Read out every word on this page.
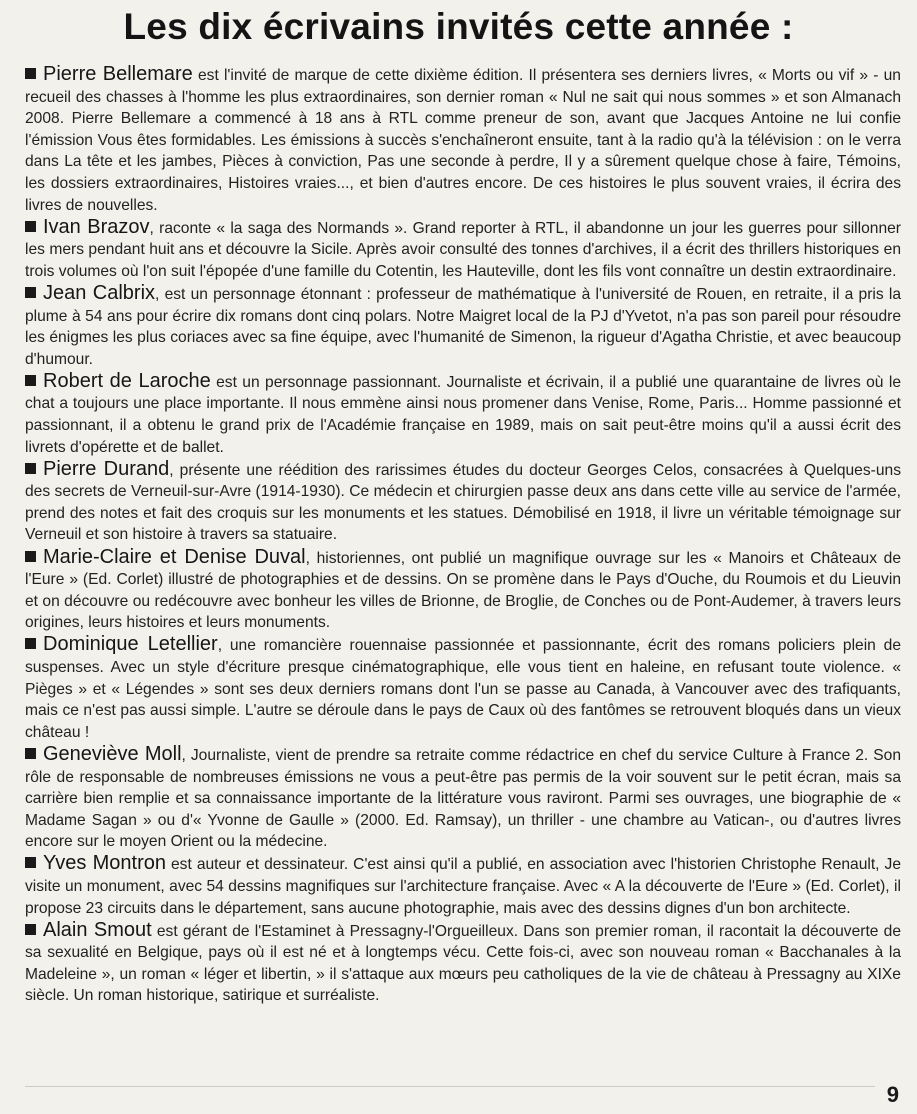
Les dix écrivains invités cette année :

Pierre Bellemare est l'invité de marque de cette dixième édition. Il présentera ses derniers livres, « Morts ou vif » - un recueil des chasses à l'homme les plus extraordinaires, son dernier roman « Nul ne sait qui nous sommes » et son Almanach 2008. Pierre Bellemare a commencé à 18 ans à RTL comme preneur de son, avant que Jacques Antoine ne lui confie l'émission Vous êtes formidables. Les émissions à succès s'enchaîneront ensuite, tant à la radio qu'à la télévision : on le verra dans La tête et les jambes, Pièces à conviction, Pas une seconde à perdre, Il y a sûrement quelque chose à faire, Témoins, les dossiers extraordinaires, Histoires vraies..., et bien d'autres encore. De ces histoires le plus souvent vraies, il écrira des livres de nouvelles.

Ivan Brazov, raconte « la saga des Normands ». Grand reporter à RTL, il abandonne un jour les guerres pour sillonner les mers pendant huit ans et découvre la Sicile. Après avoir consulté des tonnes d'archives, il a écrit des thrillers historiques en trois volumes où l'on suit l'épopée d'une famille du Cotentin, les Hauteville, dont les fils vont connaître un destin extraordinaire.

Jean Calbrix, est un personnage étonnant : professeur de mathématique à l'université de Rouen, en retraite, il a pris la plume à 54 ans pour écrire dix romans dont cinq polars. Notre Maigret local de la PJ d'Yvetot, n'a pas son pareil pour résoudre les énigmes les plus coriaces avec sa fine équipe, avec l'humanité de Simenon, la rigueur d'Agatha Christie, et avec beaucoup d'humour.

Robert de Laroche est un personnage passionnant. Journaliste et écrivain, il a publié une quarantaine de livres où le chat a toujours une place importante. Il nous emmène ainsi nous promener dans Venise, Rome, Paris... Homme passionné et passionnant, il a obtenu le grand prix de l'Académie française en 1989, mais on sait peut-être moins qu'il a aussi écrit des livrets d'opérette et de ballet.

Pierre Durand, présente une réédition des rarissimes études du docteur Georges Celos, consacrées à Quelques-uns des secrets de Verneuil-sur-Avre (1914-1930). Ce médecin et chirurgien passe deux ans dans cette ville au service de l'armée, prend des notes et fait des croquis sur les monuments et les statues. Démobilisé en 1918, il livre un véritable témoignage sur Verneuil et son histoire à travers sa statuaire.

Marie-Claire et Denise Duval, historiennes, ont publié un magnifique ouvrage sur les « Manoirs et Châteaux de l'Eure » (Ed. Corlet) illustré de photographies et de dessins. On se promène dans le Pays d'Ouche, du Roumois et du Lieuvin et on découvre ou redécouvre avec bonheur les villes de Brionne, de Broglie, de Conches ou de Pont-Audemer, à travers leurs origines, leurs histoires et leurs monuments.

Dominique Letellier, une romancière rouennaise passionnée et passionnante, écrit des romans policiers plein de suspenses. Avec un style d'écriture presque cinématographique, elle vous tient en haleine, en refusant toute violence. « Pièges » et « Légendes » sont ses deux derniers romans dont l'un se passe au Canada, à Vancouver avec des trafiquants, mais ce n'est pas aussi simple. L'autre se déroule dans le pays de Caux où des fantômes se retrouvent bloqués dans un vieux château !

Geneviève Moll, Journaliste, vient de prendre sa retraite comme rédactrice en chef du service Culture à France 2. Son rôle de responsable de nombreuses émissions ne vous a peut-être pas permis de la voir souvent sur le petit écran, mais sa carrière bien remplie et sa connaissance importante de la littérature vous raviront. Parmi ses ouvrages, une biographie de « Madame Sagan » ou d'« Yvonne de Gaulle » (2000. Ed. Ramsay), un thriller - une chambre au Vatican-, ou d'autres livres encore sur le moyen Orient ou la médecine.

Yves Montron est auteur et dessinateur. C'est ainsi qu'il a publié, en association avec l'historien Christophe Renault, Je visite un monument, avec 54 dessins magnifiques sur l'architecture française. Avec « A la découverte de l'Eure » (Ed. Corlet), il propose 23 circuits dans le département, sans aucune photographie, mais avec des dessins dignes d'un bon architecte.

Alain Smout est gérant de l'Estaminet à Pressagny-l'Orgueilleux. Dans son premier roman, il racontait la découverte de sa sexualité en Belgique, pays où il est né et à longtemps vécu. Cette fois-ci, avec son nouveau roman « Bacchanales à la Madeleine », un roman « léger et libertin, » il s'attaque aux mœurs peu catholiques de la vie de château à Pressagny au XIXe siècle. Un roman historique, satirique et surréaliste.

9
